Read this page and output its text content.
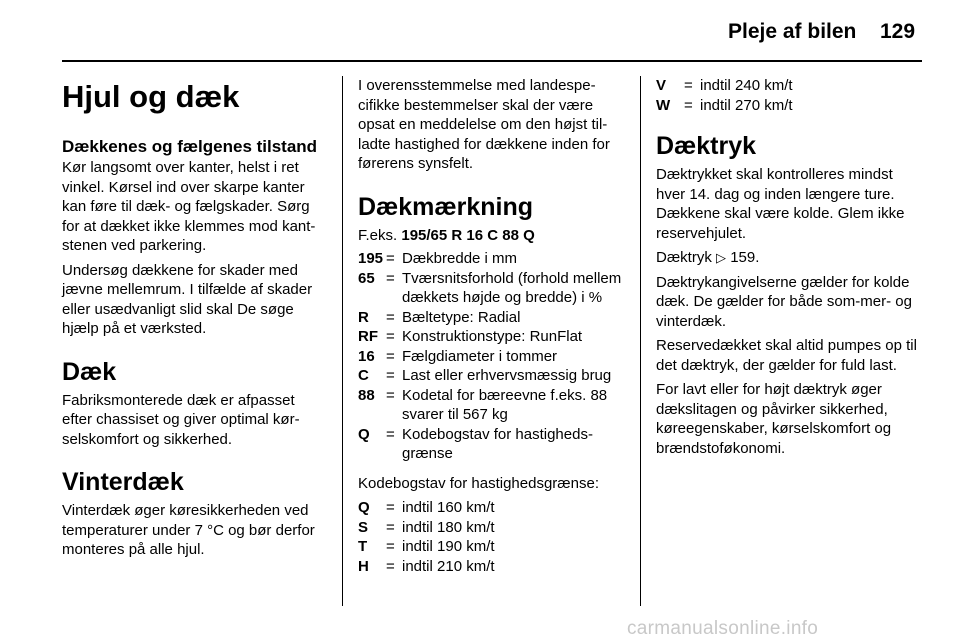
Pleje af bilen 129
Hjul og dæk
Dækkenes og fælgenes tilstand

Kør langsomt over kanter, helst i ret vinkel. Kørsel ind over skarpe kanter kan føre til dæk- og fælgskader. Sørg for at dækket ikke klemmes mod kant-stenen ved parkering.

Undersøg dækkene for skader med jævne mellemrum. I tilfælde af skader eller usædvanligt slid skal De søge hjælp på et værksted.

Dæk

Fabriksmonterede dæk er afpasset efter chassiset og giver optimal kør-selskomfort og sikkerhed.

Vinterdæk

Vinterdæk øger køresikkerheden ved temperaturer under 7 °C og bør derfor monteres på alle hjul.

I overensstemmelse med landespe-cifikke bestemmelser skal der være opsat en meddelelse om den højst til-ladte hastighed for dækkene inden for førerens synsfelt.

Dækmærkning
F.eks. 195/65 R 16 C 88 Q
195 = Dækbredde i mm
65 = Tværsnitsforhold (forhold mellem dækkets højde og bredde) i %
R	= Bæltetype: Radial
RF = Konstruktionstype: RunFlat
16 = Fælgdiameter i tommer
C	= Last eller erhvervsmæssig brug
88 = Kodetal for bæreevne f.eks. 88 svarer til 567 kg
Q	= Kodebogstav for hastigheds-grænse

Kodebogstav for hastighedsgrænse:

Q	= indtil 160 km/t
S	= indtil 180 km/t
T	= indtil 190 km/t
H	= indtil 210 km/t
V	= indtil 240 km/t
W = indtil 270 km/t
Dæktryk

Dæktrykket skal kontrolleres mindst hver 14. dag og inden længere ture. Dækkene skal være kolde. Glem ikke reservehjulet.

Dæktryk ▷ 159.

Dæktrykangivelserne gælder for kolde dæk. De gælder for både som-mer- og vinterdæk.

Reservedækket skal altid pumpes op til det dæktryk, der gælder for fuld last.

For lavt eller for højt dæktryk øger dækslitagen og påvirker sikkerhed, køreegenskaber, kørselskomfort og brændstoføkonomi.

carmanualsonline.info
